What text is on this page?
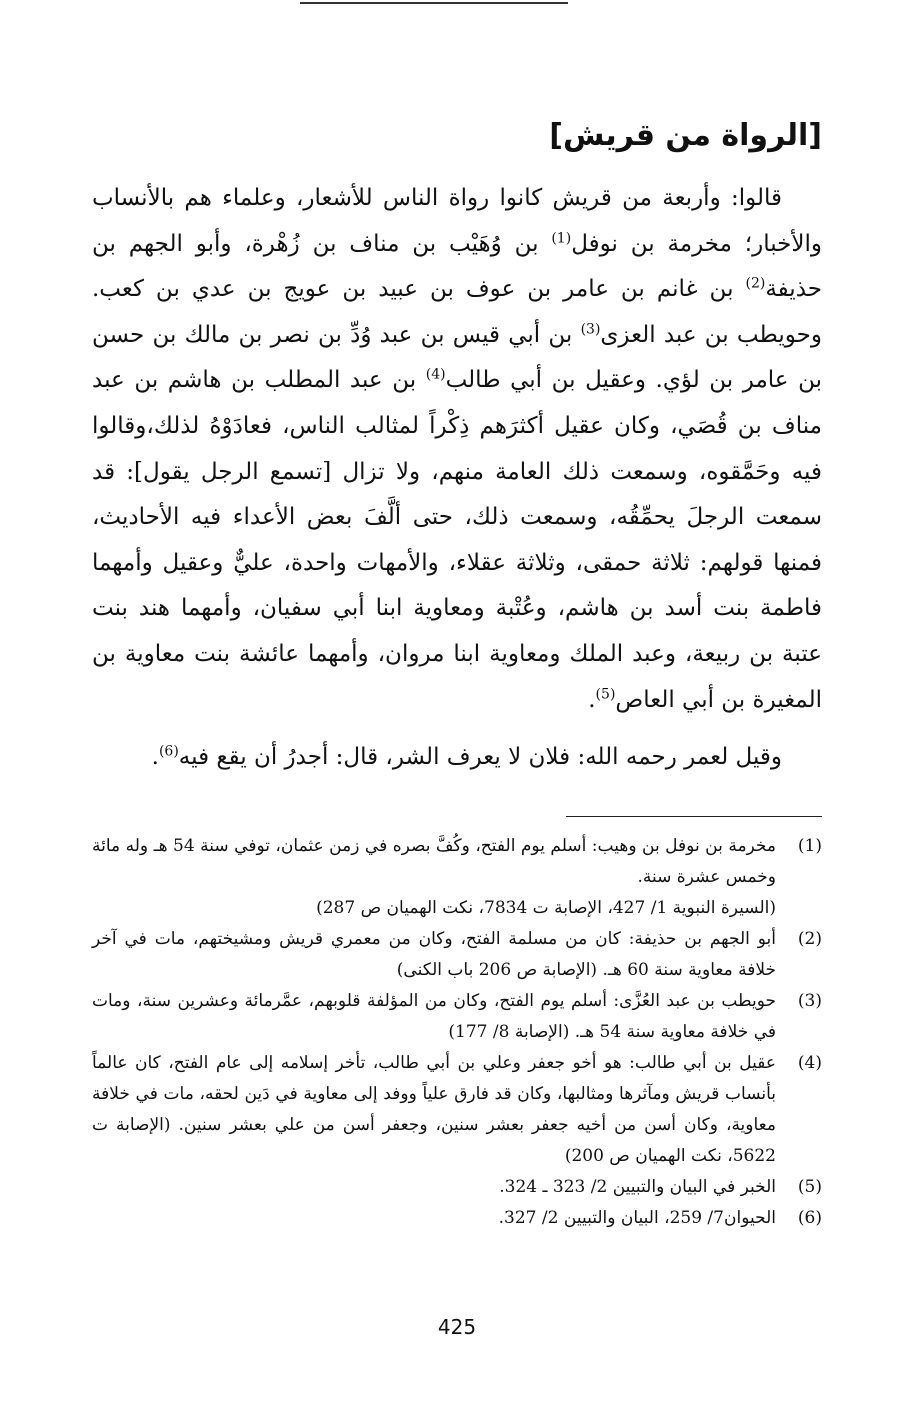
[الرواة من قريش]

قالوا: وأربعة من قريش كانوا رواة الناس للأشعار، وعلماء هم بالأنساب والأخبار؛ مخرمة بن نوفل$^{(1)}$ بن وُهَيْب بن مناف بن زُهْرة، وأبو الجهم بن حذيفة$^{(2)}$ بن غانم بن عامر بن عوف بن عبيد بن عويج بن عدي بن كعب. وحويطب بن عبد العزى$^{(3)}$ بن أبي قيس بن عبد وُدِّ بن نصر بن مالك بن حسن بن عامر بن لؤي. وعقيل بن أبي طالب$^{(4)}$ بن عبد المطلب بن هاشم بن عبد مناف بن قُصَي، وكان عقيل أكثرَهم ذِكْراً لمثالب الناس، فعادَوْهُ لذلك،وقالوا فيه وحَمَّقوه، وسمعت ذلك العامة منهم، ولا تزال [تسمع الرجل يقول]: قد سمعت الرجلَ يحمِّقُه، وسمعت ذلك، حتى ألَّفَ بعض الأعداء فيه الأحاديث، فمنها قولهم: ثلاثة حمقى، وثلاثة عقلاء، والأمهات واحدة، عليٌّ وعقيل وأمهما فاطمة بنت أسد بن هاشم، وعُتْبة ومعاوية ابنا أبي سفيان، وأمهما هند بنت عتبة بن ربيعة، وعبد الملك ومعاوية ابنا مروان، وأمهما عائشة بنت معاوية بن المغيرة بن أبي العاص$^{(5)}$.

وقيل لعمر رحمه الله: فلان لا يعرف الشر، قال: أجدرُ أن يقع فيه$^{(6)}$.

(1)
مخرمة بن نوفل بن وهيب: أسلم يوم الفتح، وكُفَّ بصره في زمن عثمان، توفي سنة 54 هـ وله مائة وخمس عشرة سنة.
(السيرة النبوية 1/ 427، الإصابة ت 7834، نكت الهميان ص 287)
(2)
أبو الجهم بن حذيفة: كان من مسلمة الفتح، وكان من معمري قريش ومشيختهم، مات في آخر خلافة معاوية سنة 60 هـ. (الإصابة ص 206 باب الكنى)
(3)
حويطب بن عبد العُزَّى: أسلم يوم الفتح، وكان من المؤلفة قلوبهم، عمَّرمائة وعشرين سنة، ومات في خلافة معاوية سنة 54 هـ. (الإصابة 8/ 177)
(4)
عقيل بن أبي طالب: هو أخو جعفر وعلي بن أبي طالب، تأخر إسلامه إلى عام الفتح، كان عالماً بأنساب قريش ومآثرها ومثالبها، وكان قد فارق علياً ووفد إلى معاوية في دَين لحقه، مات في خلافة معاوية، وكان أسن من أخيه جعفر بعشر سنين، وجعفر أسن من علي بعشر سنين. (الإصابة ت 5622، نكت الهميان ص 200)
(5)
الخبر في البيان والتبيين 2/ 323 ـ 324.
(6)
الحيوان7/ 259، البيان والتبيين 2/ 327.
425
